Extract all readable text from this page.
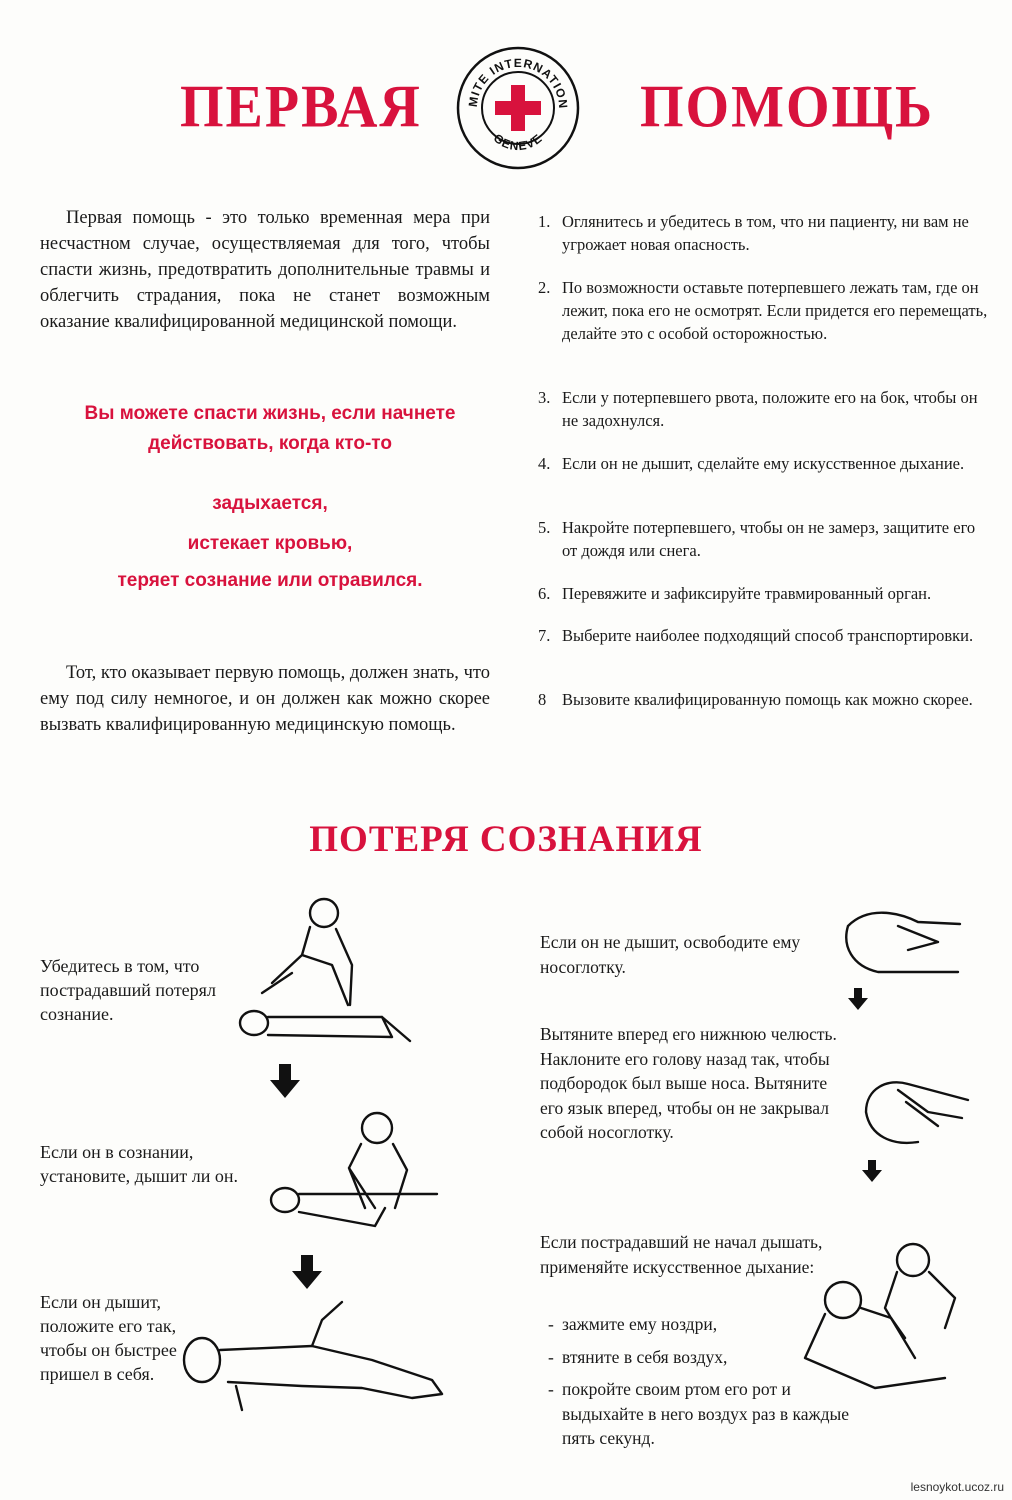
ПЕРВАЯ	ПОМОЩЬ
MITE INTERNATION
GENEVE

Первая помощь - это только временная мера при несчастном случае, осуществляемая для того, чтобы спасти жизнь, предотвратить дополнительные травмы и облегчить страдания, пока не станет возможным оказание квалифицированной медицинской помощи.

Вы можете спасти жизнь, если начнете
действовать, когда кто-то
задыхается,
истекает кровью,
теряет сознание или отравился.

Тот, кто оказывает первую помощь, должен знать, что ему под силу немногое, и он должен как можно скорее вызвать квалифицированную медицинскую помощь.

1. Оглянитесь и убедитесь в том, что ни пациенту, ни вам не угрожает новая опасность.
2. По возможности оставьте потерпевшего лежать там, где он лежит, пока его не осмотрят. Если придется его перемещать, делайте это с особой осторожностью.
3. Если у потерпевшего рвота, положите его на бок, чтобы он не задохнулся.
4. Если он не дышит, сделайте ему искусственное дыхание.
5. Накройте потерпевшего, чтобы он не замерз, защитите его от дождя или снега.
6. Перевяжите и зафиксируйте травмированный орган.
7. Выберите наиболее подходящий способ транспортировки.
8 Вызовите квалифицированную помощь как можно скорее.
ПОТЕРЯ СОЗНАНИЯ
Убедитесь в том, что пострадавший потерял сознание.
Если он в сознании, установите, дышит ли он.
Если он дышит, положите его так, чтобы он быстрее пришел в себя.
Если он не дышит, освободите ему носоглотку.
Вытяните вперед его нижнюю челюсть. Наклоните его голову назад так, чтобы подбородок был выше носа. Вытяните его язык вперед, чтобы он не закрывал собой носоглотку.
Если пострадавший не начал дышать, применяйте искусственное дыхание:
- зажмите ему ноздри,
- втяните в себя воздух,
- покройте своим ртом его рот и выдыхайте в него воздух раз в каждые пять секунд.
lesnoykot.ucoz.ru
